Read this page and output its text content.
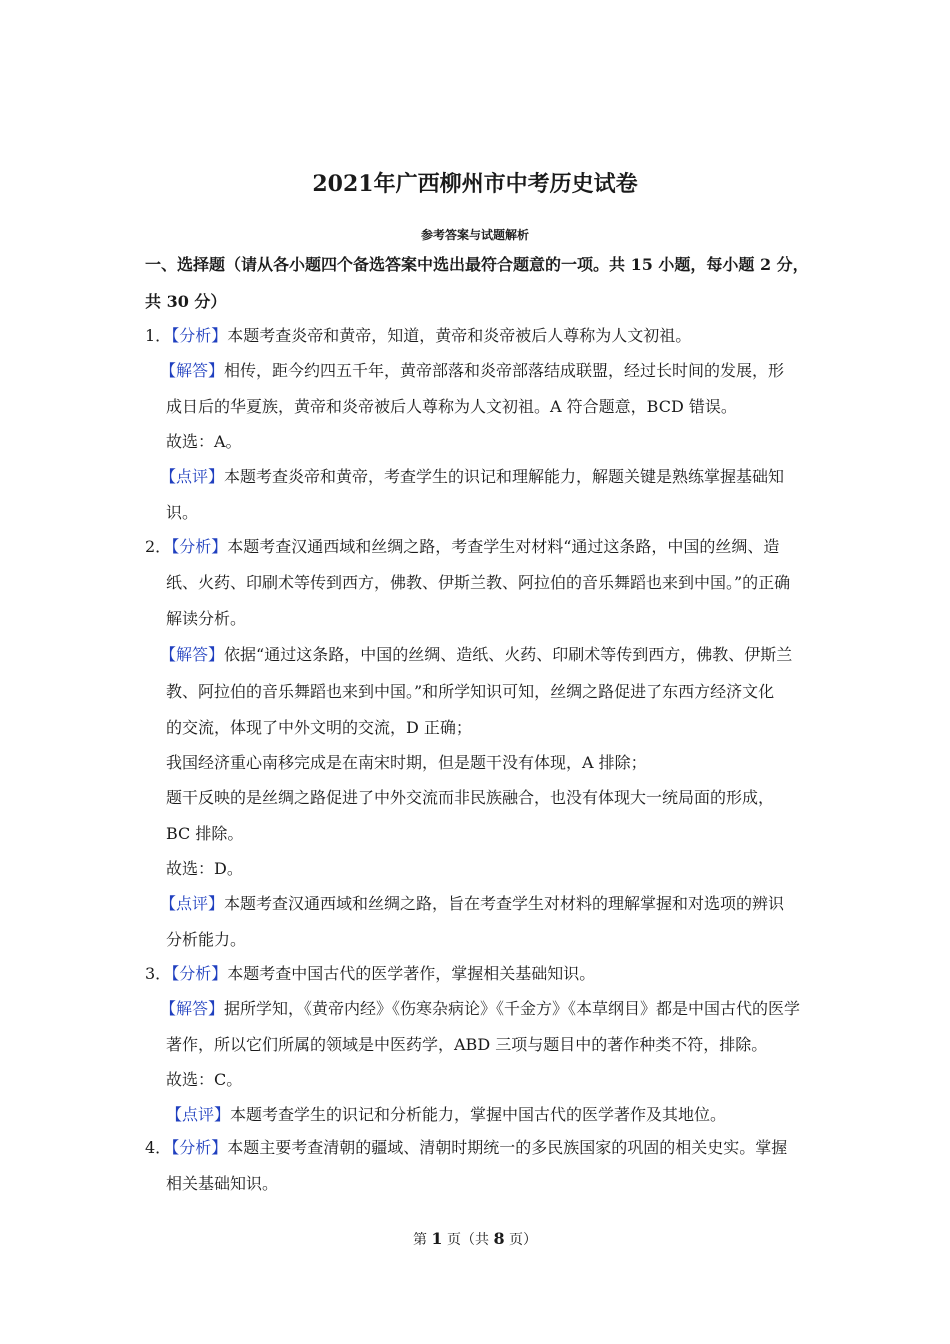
2021年广西柳州市中考历史试卷
参考答案与试题解析
一、选择题（请从各小题四个备选答案中选出最符合题意的一项。共 15 小题，每小题 2 分，
共 30 分）
1．【分析】本题考查炎帝和黄帝，知道，黄帝和炎帝被后人尊称为人文初祖。
【解答】相传，距今约四五千年，黄帝部落和炎帝部落结成联盟，经过长时间的发展，形
成日后的华夏族，黄帝和炎帝被后人尊称为人文初祖。A 符合题意，BCD 错误。
故选：A。
【点评】本题考查炎帝和黄帝，考查学生的识记和理解能力，解题关键是熟练掌握基础知
识。
2．【分析】本题考查汉通西域和丝绸之路，考查学生对材料“通过这条路，中国的丝绸、造
纸、火药、印刷术等传到西方，佛教、伊斯兰教、阿拉伯的音乐舞蹈也来到中国。”的正确
解读分析。
【解答】依据“通过这条路，中国的丝绸、造纸、火药、印刷术等传到西方，佛教、伊斯兰
教、阿拉伯的音乐舞蹈也来到中国。”和所学知识可知，丝绸之路促进了东西方经济文化
的交流，体现了中外文明的交流，D 正确；
我国经济重心南移完成是在南宋时期，但是题干没有体现，A 排除；
题干反映的是丝绸之路促进了中外交流而非民族融合，也没有体现大一统局面的形成，
BC 排除。
故选：D。
【点评】本题考查汉通西域和丝绸之路，旨在考查学生对材料的理解掌握和对选项的辨识
分析能力。
3．【分析】本题考查中国古代的医学著作，掌握相关基础知识。
【解答】据所学知，《黄帝内经》《伤寒杂病论》《千金方》《本草纲目》都是中国古代的医学
著作，所以它们所属的领域是中医药学，ABD 三项与题目中的著作种类不符，排除。
故选：C。
【点评】本题考查学生的识记和分析能力，掌握中国古代的医学著作及其地位。
4．【分析】本题主要考查清朝的疆域、清朝时期统一的多民族国家的巩固的相关史实。掌握
相关基础知识。
第 1 页（共 8 页）
